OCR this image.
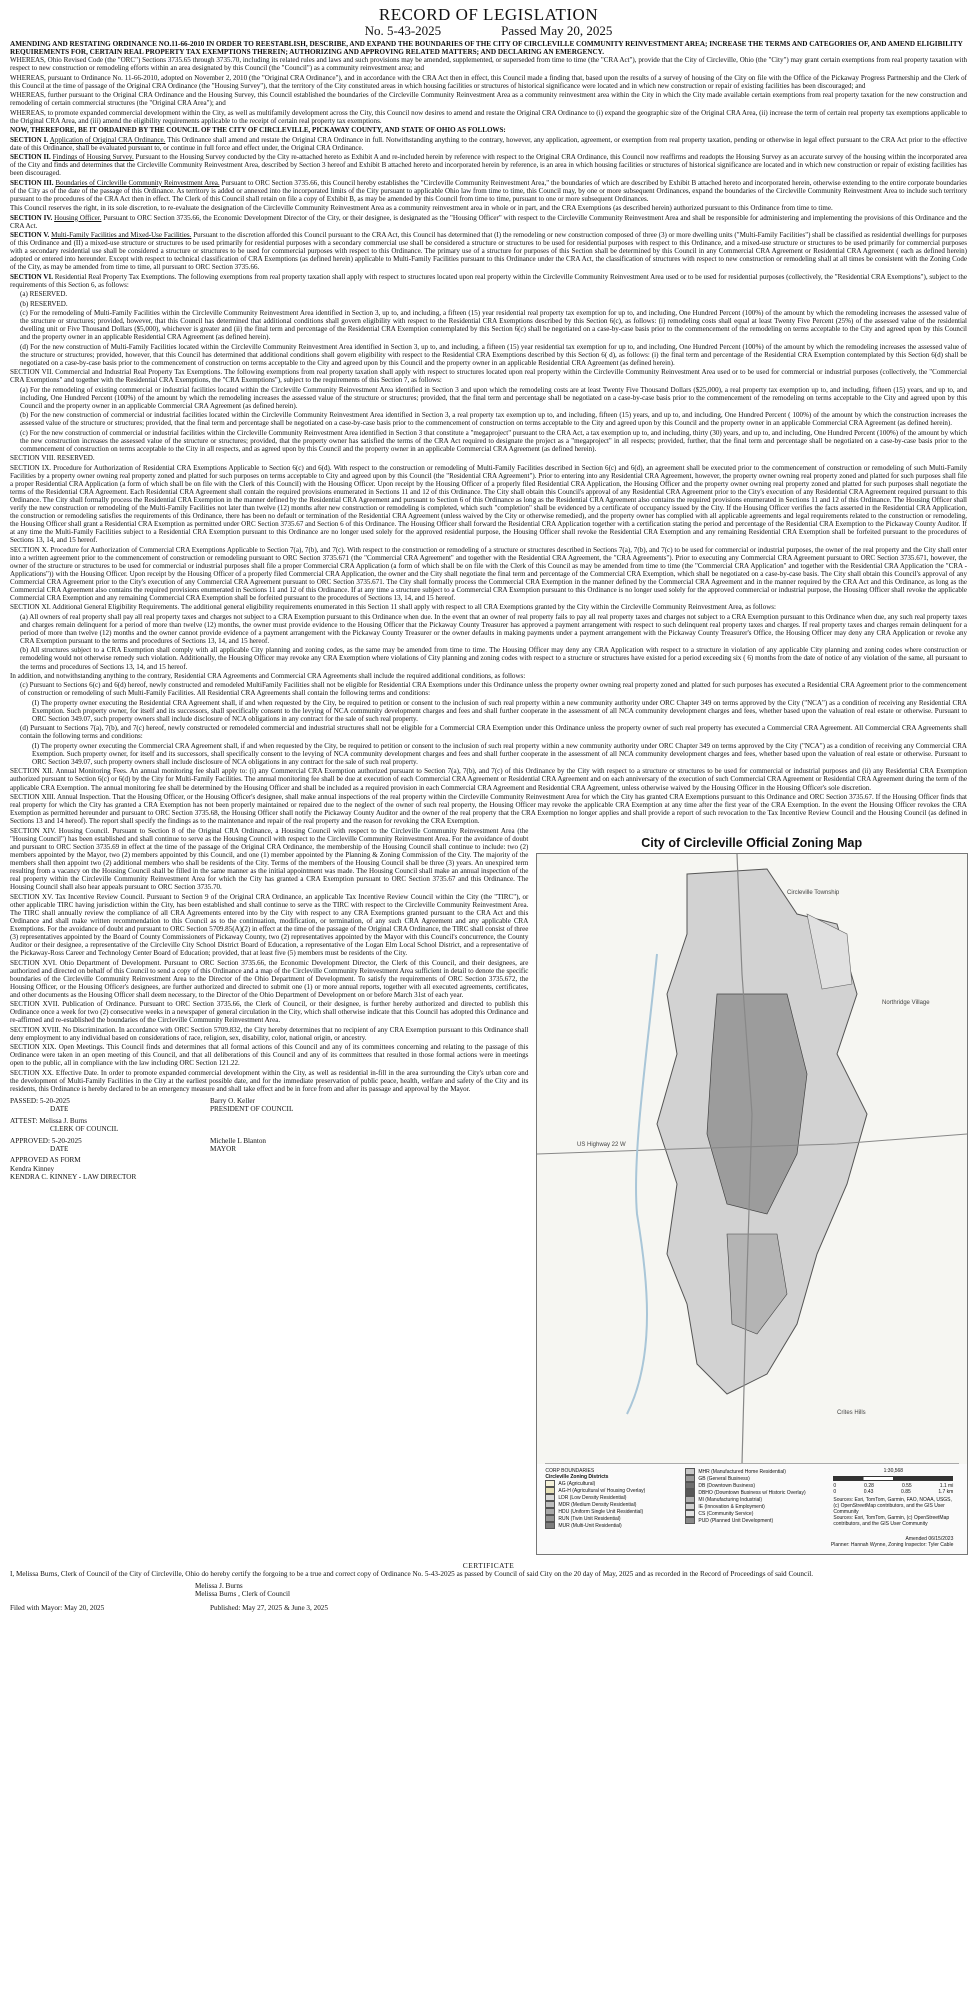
RECORD OF LEGISLATION
No. 5-43-2025	Passed May 20, 2025
AMENDING AND RESTATING ORDINANCE NO.11-66-2010 IN ORDER TO REESTABLISH, DESCRIBE, AND EXPAND THE BOUNDARIES OF THE CITY OF CIRCLEVILLE COMMUNITY REINVESTMENT AREA; INCREASE THE TERMS AND CATEGORIES OF, AND AMEND ELIGIBILITY REQUIREMENTS FOR, CERTAIN REAL PROPERTY TAX EXEMPTIONS THEREIN; AUTHORIZING AND APPROVING RELATED MATTERS; AND DECLARING AN EMERGENCY.

WHEREAS, Ohio Revised Code (the "ORC") Sections 3735.65 through 3735.70, including its related rules and laws and such provisions may be amended, supplemented, or superseded from time to time (the "CRA Act"), provide that the City of Circleville, Ohio (the "City") may grant certain exemptions from real property taxation with respect to new construction or remodeling efforts within an area designated by this Council (the "Council") as a community reinvestment area; and

WHEREAS, pursuant to Ordinance No. 11-66-2010, adopted on November 2, 2010 (the "Original CRA Ordinance"), and in accordance with the CRA Act then in effect, this Council made a finding that, based upon the results of a survey of housing of the City on file with the Office of the Pickaway Progress Partnership and the Clerk of this Council at the time of passage of the Original CRA Ordinance (the "Housing Survey"), that the territory of the City constituted areas in which housing facilities or structures of historical significance were located and in which new construction or repair of existing facilities has been discouraged; and

WHEREAS, further pursuant to the Original CRA Ordinance and the Housing Survey, this Council established the boundaries of the Circleville Community Reinvestment Area as a community reinvestment area within the City in which the City made available certain exemptions from real property taxation for the new construction and remodeling of certain commercial structures (the "Original CRA Area"); and

WHEREAS, to promote expanded commercial development within the City, as well as multifamily development across the City, this Council now desires to amend and restate the Original CRA Ordinance to (i) expand the geographic size of the Original CRA Area, (ii) increase the term of certain real property tax exemptions applicable to the Original CRA Area, and (iii) amend the eligibility requirements applicable to the receipt of certain real property tax exemptions.

NOW, THEREFORE, BE IT ORDAINED BY THE COUNCIL OF THE CITY OF CIRCLEVILLE, PICKAWAY COUNTY, AND STATE OF OHIO AS FOLLOWS:

SECTION I. Application of Original CRA Ordinance. This Ordinance shall amend and restate the Original CRA Ordinance in full. Notwithstanding anything to the contrary, however, any application, agreement, or exemption from real property taxation, pending or otherwise in legal effect pursuant to the CRA Act prior to the effective date of this Ordinance, shall be evaluated pursuant to, or continue in full force and effect under, the Original CRA Ordinance.

SECTION II. Findings of Housing Survey. Pursuant to the Housing Survey conducted by the City re-attached hereto as Exhibit A and re-included herein by reference with respect to the Original CRA Ordinance, this Council now reaffirms and readopts the Housing Survey as an accurate survey of the housing within the incorporated area of the City and finds and determines that the Circleville Community Reinvestment Area, described by Section 3 hereof and Exhibit B attached hereto and incorporated herein by reference, is an area in which housing facilities or structures of historical significance are located and in which new construction or repair of existing facilities has been discouraged.

SECTION III. Boundaries of Circleville Community Reinvestment Area. Pursuant to ORC Section 3735.66, this Council hereby establishes the "Circleville Community Reinvestment Area," the boundaries of which are described by Exhibit B attached hereto and incorporated herein, otherwise extending to the entire corporate boundaries of the City as of the date of the passage of this Ordinance. As territory is added or annexed into the incorporated limits of the City pursuant to applicable Ohio law from time to time, this Council may, by one or more subsequent Ordinances, expand the boundaries of the Circleville Community Reinvestment Area to include such territory pursuant to the procedures of the CRA Act then in effect. The Clerk of this Council shall retain on file a copy of Exhibit B, as may be amended by this Council from time to time, pursuant to one or more subsequent Ordinances.

This Council reserves the right, in its sole discretion, to re-evaluate the designation of the Circleville Community Reinvestment Area as a community reinvestment area in whole or in part, and the CRA Exemptions (as described herein) authorized pursuant to this Ordinance from time to time.

SECTION IV. Housing Officer. Pursuant to ORC Section 3735.66, the Economic Development Director of the City, or their designee, is designated as the "Housing Officer" with respect to the Circleville Community Reinvestment Area and shall be responsible for administering and implementing the provisions of this Ordinance and the CRA Act.

SECTION V. Multi-Family Facilities and Mixed-Use Facilities. Pursuant to the discretion afforded this Council pursuant to the CRA Act, this Council has determined that (I) the remodeling or new construction composed of three (3) or more dwelling units ("Multi-Family Facilities") shall be classified as residential dwellings for purposes of this Ordinance and (II) a mixed-use structure or structures to be used primarily for residential purposes with a secondary commercial use shall be considered a structure or structures to be used for residential purposes with respect to this Ordinance, and a mixed-use structure or structures to be used primarily for commercial purposes with a secondary residential use shall be considered a structure or structures to be used for commercial purposes with respect to this Ordinance. The primary use of a structure for purposes of this Section shall be determined by this Council in any Commercial CRA Agreement or Residential CRA Agreement ( each as defined herein) adopted or entered into hereunder. Except with respect to technical classification of CRA Exemptions (as defined herein) applicable to Multi-Family Facilities pursuant to this Ordinance under the CRA Act, the classification of structures with respect to new construction or remodeling shall at all times be consistent with the Zoning Code of the City, as may be amended from time to time, all pursuant to ORC Section 3735.66.

SECTION VI. Residential Real Property Tax Exemptions. The following exemptions from real property taxation shall apply with respect to structures located upon real property within the Circleville Community Reinvestment Area used or to be used for residential purposes (collectively, the "Residential CRA Exemptions"), subject to the requirements of this Section 6, as follows:

(a) RESERVED.

(b) RESERVED.

(c) For the remodeling of Multi-Family Facilities within the Circleville Community Reinvestment Area identified in Section 3, up to, and including, a fifteen (15) year residential real property tax exemption for up to, and including, One Hundred Percent (100%) of the amount by which the remodeling increases the assessed value of the structure or structures; provided, however, that this Council has determined that additional conditions shall govern eligibility with respect to the Residential CRA Exemptions described by this Section 6(c), as follows: (i) remodeling costs shall equal at least Twenty Five Percent (25%) of the assessed value of the residential dwelling unit or Five Thousand Dollars ($5,000), whichever is greater and (ii) the final term and percentage of the Residential CRA Exemption contemplated by this Section 6(c) shall be negotiated on a case-by-case basis prior to the commencement of the remodeling on terms acceptable to the City and agreed upon by this Council and the property owner in an applicable Residential CRA Agreement (as defined herein).

(d) For the new construction of Multi-Family Facilities located within the Circleville Community Reinvestment Area identified in Section 3, up to, and including, a fifteen (15) year residential tax exemption for up to, and including, One Hundred Percent (100%) of the amount by which the remodeling increases the assessed value of the structure or structures; provided, however, that this Council has determined that additional conditions shall govern eligibility with respect to the Residential CRA Exemptions described by this Section 6( d), as follows: (i) the final term and percentage of the Residential CRA Exemption contemplated by this Section 6(d) shall be negotiated on a case-by-case basis prior to the commencement of construction on terms acceptable to the City and agreed upon by this Council and the property owner in an applicable Residential CRA Agreement (as defined herein).

SECTION VII. Commercial and Industrial Real Property Tax Exemptions. The following exemptions from real property taxation shall apply with respect to structures located upon real property within the Circleville Community Reinvestment Area used or to be used for commercial or industrial purposes (collectively, the "Commercial CRA Exemptions" and together with the Residential CRA Exemptions, the "CRA Exemptions"), subject to the requirements of this Section 7, as follows:

(a) For the remodeling of existing commercial or industrial facilities located within the Circleville Community Reinvestment Area identified in Section 3 and upon which the remodeling costs are at least Twenty Five Thousand Dollars ($25,000), a real property tax exemption up to, and including, fifteen (15) years, and up to, and including, One Hundred Percent (100%) of the amount by which the remodeling increases the assessed value of the structure or structures; provided, that the final term and percentage shall be negotiated on a case-by-case basis prior to the commencement of the remodeling on terms acceptable to the City and agreed upon by this Council and the property owner in an applicable Commercial CRA Agreement (as defined herein).

(b) For the new construction of commercial or industrial facilities located within the Circleville Community Reinvestment Area identified in Section 3, a real property tax exemption up to, and including, fifteen (15) years, and up to, and including, One Hundred Percent ( 100%) of the amount by which the construction increases the assessed value of the structure or structures; provided, that the final term and percentage shall be negotiated on a case-by-case basis prior to the commencement of construction on terms acceptable to the City and agreed upon by this Council and the property owner in an applicable Commercial CRA Agreement (as defined herein).

(c) For the new construction of commercial or industrial facilities within the Circleville Community Reinvestment Area identified in Section 3 that constitute a "megaproject" pursuant to the CRA Act, a tax exemption up to, and including, thirty (30) years, and up to, and including, One Hundred Percent (100%) of the amount by which the new construction increases the assessed value of the structure or structures; provided, that the property owner has satisfied the terms of the CRA Act required to designate the project as a "megaproject" in all respects; provided, further, that the final term and percentage shall be negotiated on a case-by-case basis prior to the commencement of construction on terms acceptable to the City in all respects, and as agreed upon by this Council and the property owner in an applicable Commercial CRA Agreement (as defined herein).

SECTION VIII. RESERVED.

SECTION IX. Procedure for Authorization of Residential CRA Exemptions Applicable to Section 6(c) and 6(d). With respect to the construction or remodeling of Multi-Family Facilities described in Section 6(c) and 6(d), an agreement shall be executed prior to the commencement of construction or remodeling of such Multi-Family Facilities by a property owner owning real property zoned and platted for such purposes on terms acceptable to City and agreed upon by this Council (the "Residential CRA Agreement"). Prior to entering into any Residential CRA Agreement, however, the property owner owning real property zoned and platted for such purposes shall file a proper Residential CRA Application (a form of which shall be on file with the Clerk of this Council) with the Housing Officer. Upon receipt by the Housing Officer of a properly filed Residential CRA Application, the Housing Officer and the property owner owning real property zoned and platted for such purposes shall negotiate the terms of the Residential CRA Agreement. Each Residential CRA Agreement shall contain the required provisions enumerated in Sections 11 and 12 of this Ordinance. The City shall obtain this Council's approval of any Residential CRA Agreement prior to the City's execution of any Residential CRA Agreement required pursuant to this Ordinance. The City shall formally process the Residential CRA Exemption in the manner defined by the Residential CRA Agreement and pursuant to Section 6 of this Ordinance as long as the Residential CRA Agreement also contains the required provisions enumerated in Sections 11 and 12 of this Ordinance. The Housing Officer shall verify the new construction or remodeling of the Multi-Family Facilities not later than twelve (12) months after new construction or remodeling is completed, which such "completion" shall be evidenced by a certificate of occupancy issued by the City. If the Housing Officer verifies the facts asserted in the Residential CRA Application, the construction or remodeling satisfies the requirements of this Ordinance, there has been no default or termination of the Residential CRA Agreement (unless waived by the City or otherwise remedied), and the property owner has complied with all applicable agreements and legal requirements related to the construction or remodeling, the Housing Officer shall grant a Residential CRA Exemption as permitted under ORC Section 3735.67 and Section 6 of this Ordinance. The Housing Officer shall forward the Residential CRA Application together with a certification stating the period and percentage of the Residential CRA Exemption to the Pickaway County Auditor. If at any time the Multi-Family Facilities subject to a Residential CRA Exemption pursuant to this Ordinance are no longer used solely for the approved residential purpose, the Housing Officer shall revoke the Residential CRA Exemption and any remaining Residential CRA Exemption shall be forfeited pursuant to the procedures of Sections 13, 14, and 15 hereof.

SECTION X. Procedure for Authorization of Commercial CRA Exemptions Applicable to Section 7(a), 7(b), and 7(c). With respect to the construction or remodeling of a structure or structures described in Sections 7(a), 7(b), and 7(c) to be used for commercial or industrial purposes, the owner of the real property and the City shall enter into a written agreement prior to the commencement of construction or remodeling pursuant to ORC Section 3735.671 (the "Commercial CRA Agreement" and together with the Residential CRA Agreement, the "CRA Agreements"). Prior to executing any Commercial CRA Agreement pursuant to ORC Section 3735.671, however, the owner of the structure or structures to be used for commercial or industrial purposes shall file a proper Commercial CRA Application (a form of which shall be on file with the Clerk of this Council as may be amended from time to time (the "Commercial CRA Application" and together with the Residential CRA Application the "CRA - Applications")) with the Housing Officer. Upon receipt by the Housing Officer of a properly filed Commercial CRA Application, the owner and the City shall negotiate the final term and percentage of the Commercial CRA Exemption, which shall be negotiated on a case-by-case basis. The City shall obtain this Council's approval of any Commercial CRA Agreement prior to the City's execution of any Commercial CRA Agreement pursuant to ORC Section 3735.671. The City shall formally process the Commercial CRA Exemption in the manner defined by the Commercial CRA Agreement and in the manner required by the CRA Act and this Ordinance, as long as the Commercial CRA Agreement also contains the required provisions enumerated in Sections 11 and 12 of this Ordinance. If at any time a structure subject to a Commercial CRA Exemption pursuant to this Ordinance is no longer used solely for the approved commercial or industrial purpose, the Housing Officer shall revoke the applicable Commercial CRA Exemption and any remaining Commercial CRA Exemption shall be forfeited pursuant to the procedures of Sections 13, 14, and 15 hereof.

SECTION XI. Additional General Eligibility Requirements. The additional general eligibility requirements enumerated in this Section 11 shall apply with respect to all CRA Exemptions granted by the City within the Circleville Community Reinvestment Area, as follows:

(a) All owners of real property shall pay all real property taxes and charges not subject to a CRA Exemption pursuant to this Ordinance when due. In the event that an owner of real property fails to pay all real property taxes and charges not subject to a CRA Exemption pursuant to this Ordinance when due, any such real property taxes and charges remain delinquent for a period of more than twelve (12) months, the owner must provide evidence to the Housing Officer that the Pickaway County Treasurer has approved a payment arrangement with respect to such delinquent real property taxes and charges. If real property taxes and charges remain delinquent for a period of more than twelve (12) months and the owner cannot provide evidence of a payment arrangement with the Pickaway County Treasurer or the owner defaults in making payments under a payment arrangement with the Pickaway County Treasurer's Office, the Housing Officer may deny any CRA Application or revoke any CRA Exemption pursuant to the terms and procedures of Sections 13, 14, and 15 hereof.

(b) All structures subject to a CRA Exemption shall comply with all applicable City planning and zoning codes, as the same may be amended from time to time. The Housing Officer may deny any CRA Application with respect to a structure in violation of any applicable City planning and zoning codes where construction or remodeling would not otherwise remedy such violation. Additionally, the Housing Officer may revoke any CRA Exemption where violations of City planning and zoning codes with respect to a structure or structures have existed for a period exceeding six ( 6) months from the date of notice of any violation of the same, all pursuant to the terms and procedures of Sections 13, 14, and 15 hereof.

In addition, and notwithstanding anything to the contrary, Residential CRA Agreements and Commercial CRA Agreements shall include the required additional conditions, as follows:

(c) Pursuant to Sections 6(c) and 6(d) hereof, newly constructed and remodeled MultiFamily Facilities shall not be eligible for Residential CRA Exemptions under this Ordinance unless the property owner owning real property zoned and platted for such purposes has executed a Residential CRA Agreement prior to the commencement of construction or remodeling of such Multi-Family Facilities. All Residential CRA Agreements shall contain the following terms and conditions:

(I) The property owner executing the Residential CRA Agreement shall, if and when requested by the City, be required to petition or consent to the inclusion of such real property within a new community authority under ORC Chapter 349 on terms approved by the City ("NCA") as a condition of receiving any Residential CRA Exemption. Such property owner, for itself and its successors, shall specifically consent to the levying of NCA community development charges and fees and shall further cooperate in the assessment of all NCA community development charges and fees, whether based upon the valuation of real estate or otherwise. Pursuant to ORC Section 349.07, such property owners shall include disclosure of NCA obligations in any contract for the sale of such real property.

(d) Pursuant to Sections 7(a), 7(b), and 7(c) hereof, newly constructed or remodeled commercial and industrial structures shall not be eligible for a Commercial CRA Exemption under this Ordinance unless the property owner of such real property has executed a Commercial CRA Agreement. All Commercial CRA Agreements shall contain the following terms and conditions:

(I) The property owner executing the Commercial CRA Agreement shall, if and when requested by the City, be required to petition or consent to the inclusion of such real property within a new community authority under ORC Chapter 349 on terms approved by the City ("NCA") as a condition of receiving any Commercial CRA Exemption. Such property owner, for itself and its successors, shall specifically consent to the levying of NCA community development charges and fees and shall further cooperate in the assessment of all NCA community development charges and fees, whether based upon the valuation of real estate or otherwise. Pursuant to ORC Section 349.07, such property owners shall include disclosure of NCA obligations in any contract for the sale of such real property.

SECTION XII. Annual Monitoring Fees. An annual monitoring fee shall apply to: (i) any Commercial CRA Exemption authorized pursuant to Section 7(a), 7(b), and 7(c) of this Ordinance by the City with respect to a structure or structures to be used for commercial or industrial purposes and (ii) any Residential CRA Exemption authorized pursuant to Section 6(c) or 6(d) by the City for Multi-Family Facilities. The annual monitoring fee shall be due at execution of each Commercial CRA Agreement or Residential CRA Agreement and on each anniversary of the execution of such Commercial CRA Agreement or Residential CRA Agreement during the term of the applicable CRA Exemption. The annual monitoring fee shall be determined by the Housing Officer and shall be included as a required provision in each Commercial CRA Agreement and Residential CRA Agreement, unless otherwise waived by the Housing Officer in the Housing Officer's sole discretion.

SECTION XIII. Annual Inspection. That the Housing Officer, or the Housing Officer's designee, shall make annual inspections of the real property within the Circleville Community Reinvestment Area for which the City has granted CRA Exemptions pursuant to this Ordinance and ORC Section 3735.67. If the Housing Officer finds that real property for which the City has granted a CRA Exemption has not been properly maintained or repaired due to the neglect of the owner of such real property, the Housing Officer may revoke the applicable CRA Exemption at any time after the first year of the CRA Exemption. In the event the Housing Officer revokes the CRA Exemption as permitted hereunder and pursuant to ORC Section 3735.68, the Housing Officer shall notify the Pickaway County Auditor and the owner of the real property that the CRA Exemption no longer applies and shall provide a report of such revocation to the Tax Incentive Review Council and the Housing Council (as defined in Sections 13 and 14 hereof). The report shall specify the findings as to the maintenance and repair of the real property and the reason for revoking the CRA Exemption.

SECTION XIV. Housing Council. Pursuant to Section 8 of the Original CRA Ordinance, a Housing Council with respect to the Circleville Community Reinvestment Area (the "Housing Council") has been established and shall continue to serve as the Housing Council with respect to the Circleville Community Reinvestment Area. For the avoidance of doubt and pursuant to ORC Section 3735.69 in effect at the time of the passage of the Original CRA Ordinance, the membership of the Housing Council shall continue to include: two (2) members appointed by the Mayor, two (2) members appointed by this Council, and one (1) member appointed by the Planning & Zoning Commission of the City. The majority of the members shall then appoint two (2) additional members who shall be residents of the City. Terms of the members of the Housing Council shall be three (3) years. An unexpired term resulting from a vacancy on the Housing Council shall be filled in the same manner as the initial appointment was made. The Housing Council shall make an annual inspection of the real property within the Circleville Community Reinvestment Area for which the City has granted a CRA Exemption pursuant to ORC Section 3735.67 and this Ordinance. The Housing Council shall also hear appeals pursuant to ORC Section 3735.70.

SECTION XV. Tax Incentive Review Council. Pursuant to Section 9 of the Original CRA Ordinance, an applicable Tax Incentive Review Council within the City (the "TIRC"), or other applicable TIRC having jurisdiction within the City, has been established and shall continue to serve as the TIRC with respect to the Circleville Community Reinvestment Area. The TIRC shall annually review the compliance of all CRA Agreements entered into by the City with respect to any CRA Exemptions granted pursuant to the CRA Act and this Ordinance and shall make written recommendation to this Council as to the continuation, modification, or termination, of any such CRA Agreement and any applicable CRA Exemptions. For the avoidance of doubt and pursuant to ORC Section 5709.85(A)(2) in effect at the time of the passage of the Original CRA Ordinance, the TIRC shall consist of three (3) representatives appointed by the Board of County Commissioners of Pickaway County, two (2) representatives appointed by the Mayor with this Council's concurrence, the County Auditor or their designee, a representative of the Circleville City School District Board of Education, a representative of the Logan Elm Local School District, and a representative of the Pickaway-Ross Career and Technology Center Board of Education; provided, that at least five (5) members must be residents of the City.

SECTION XVI. Ohio Department of Development. Pursuant to ORC Section 3735.66, the Economic Development Director, the Clerk of this Council, and their designees, are authorized and directed on behalf of this Council to send a copy of this Ordinance and a map of the Circleville Community Reinvestment Area sufficient in detail to denote the specific boundaries of the Circleville Community Reinvestment Area to the Director of the Ohio Department of Development. To satisfy the requirements of ORC Section 3735.672, the Housing Officer, or the Housing Officer's designees, are further authorized and directed to submit one (1) or more annual reports, together with all executed agreements, certificates, and other documents as the Housing Officer shall deem necessary, to the Director of the Ohio Department of Development on or before March 31st of each year.

SECTION XVII. Publication of Ordinance. Pursuant to ORC Section 3735.66, the Clerk of Council, or their designee, is further hereby authorized and directed to publish this Ordinance once a week for two (2) consecutive weeks in a newspaper of general circulation in the City, which shall otherwise indicate that this Council has adopted this Ordinance and re-affirmed and re-established the boundaries of the Circleville Community Reinvestment Area.

SECTION XVIII. No Discrimination. In accordance with ORC Section 5709.832, the City hereby determines that no recipient of any CRA Exemption pursuant to this Ordinance shall deny employment to any individual based on considerations of race, religion, sex, disability, color, national origin, or ancestry.

SECTION XIX. Open Meetings. This Council finds and determines that all formal actions of this Council and any of its committees concerning and relating to the passage of this Ordinance were taken in an open meeting of this Council, and that all deliberations of this Council and any of its committees that resulted in those formal actions were in meetings open to the public, all in compliance with the law including ORC Section 121.22.

SECTION XX. Effective Date. In order to promote expanded commercial development within the City, as well as residential in-fill in the area surrounding the City's urban core and the development of Multi-Family Facilities in the City at the earliest possible date, and for the immediate preservation of public peace, health, welfare and safety of the City and its residents, this Ordinance is hereby declared to be an emergency measure and shall take effect and be in force from and after its passage and approval by the Mayor.

PASSED: 5-20-2025	Barry O. Keller
DATE	PRESIDENT OF COUNCIL
ATTEST: Melissa J. Burns
CLERK OF COUNCIL
APPROVED: 5-20-2025	Michelle L Blanton
DATE	MAYOR
APPROVED AS FORM
Kendra Kinney
KENDRA C. KINNEY - LAW DIRECTOR
City of Circleville Official Zoning Map
Circleville Township
US Highway 22 W
Northridge Village
Crites Hills
CORP BOUNDARIES
Circleville Zoning Districts
AG (Agricultural)
AG-H (Agricultural w/ Housing Overlay)
LDR (Low Density Residential)
MDR (Medium Density Residential)
HDU (Uniform Single Unit Residential)
RUN (Twin Unit Residential)
MUR (Multi-Unit Residential)
MHR (Manufactured Home Residential)
GB (General Business)
DB (Downtown Business)
DBHO (Downtown Business w/ Historic Overlay)
MI (Manufacturing Industrial)
IE (Innovation & Employment)
CS (Community Service)
PUD (Planned Unit Development)
1:30,568
0	0.28	0.55	1.1 mi
0	0.43	0.85	1.7 km
Sources: Esri, TomTom, Garmin, FAO, NOAA, USGS, (c) OpenStreetMap contributors, and the GIS User Community
Sources: Esri, TomTom, Garmin, (c) OpenStreetMap contributors, and the GIS User Community
Amended 06/15/2023
Planner: Hannah Wynne, Zoning Inspector: Tyler Cable
CERTIFICATE
I, Melissa Burns, Clerk of Council of the City of Circleville, Ohio do hereby certify the forgoing to be a true and correct copy of Ordinance No. 5-43-2025 as passed by Council of said City on the 20 day of May, 2025 and as recorded in the Record of Proceedings of said Council.
Melissa J. Burns
Melissa Burns , Clerk of Council
Filed with Mayor: May 20, 2025	Published: May 27, 2025 & June 3, 2025
